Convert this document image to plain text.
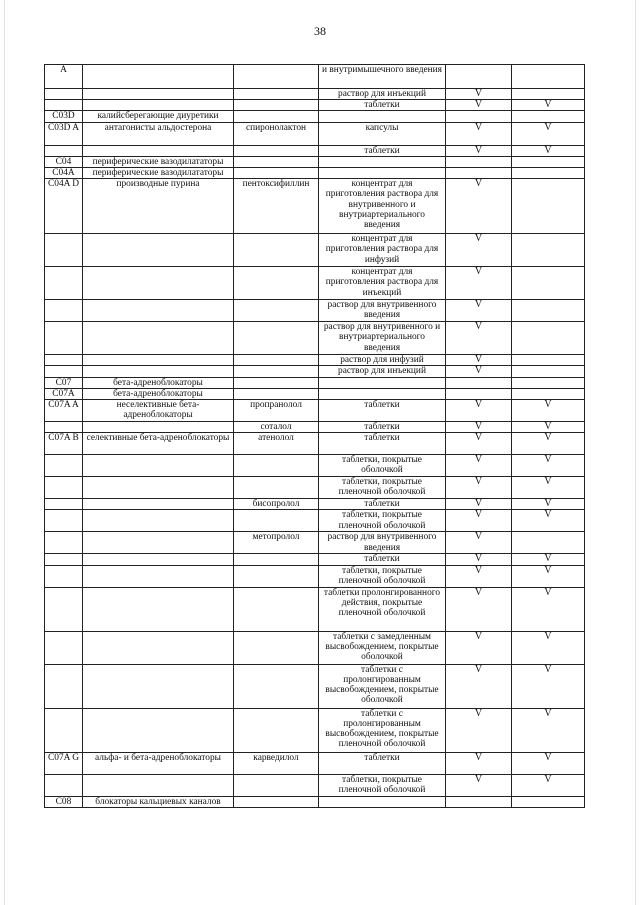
38
A			и внутримышечного введения		
			раствор для инъекций	V	
			таблетки	V	V
C03D	калийсберегающие диуретики				
C03D A	антагонисты альдостерона	спиронолактон	капсулы	V	V
			таблетки	V	V
C04	периферические вазодилататоры				
C04A	периферические вазодилататоры				
C04A D	производные пурина	пентоксифиллин	концентрат для приготовления раствора для внутривенного и внутриартериального введения	V	
			концентрат для приготовления раствора для инфузий	V	
			концентрат для приготовления раствора для инъекций	V	
			раствор для внутривенного введения	V	
			раствор для внутривенного и внутриартериального введения	V	
			раствор для инфузий	V	
			раствор для инъекций	V	
C07	бета-адреноблокаторы				
C07A	бета-адреноблокаторы				
C07A A	неселективные бета-адреноблокаторы	пропранолол	таблетки	V	V
		соталол	таблетки	V	V
C07A B	селективные бета-адреноблокаторы	атенолол	таблетки	V	V
			таблетки, покрытые оболочкой	V	V
			таблетки, покрытые пленочной оболочкой	V	V
		бисопролол	таблетки	V	V
			таблетки, покрытые пленочной оболочкой	V	V
		метопролол	раствор для внутривенного введения	V	
			таблетки	V	V
			таблетки, покрытые пленочной оболочкой	V	V
			таблетки пролонгированного действия, покрытые пленочной оболочкой	V	V
			таблетки с замедленным высвобождением, покрытые оболочкой	V	V
			таблетки с пролонгированным высвобождением, покрытые оболочкой	V	V
			таблетки с пролонгированным высвобождением, покрытые пленочной оболочкой	V	V
C07A G	альфа- и бета-адреноблокаторы	карведилол	таблетки	V	V
			таблетки, покрытые пленочной оболочкой	V	V
C08	блокаторы кальциевых каналов				
